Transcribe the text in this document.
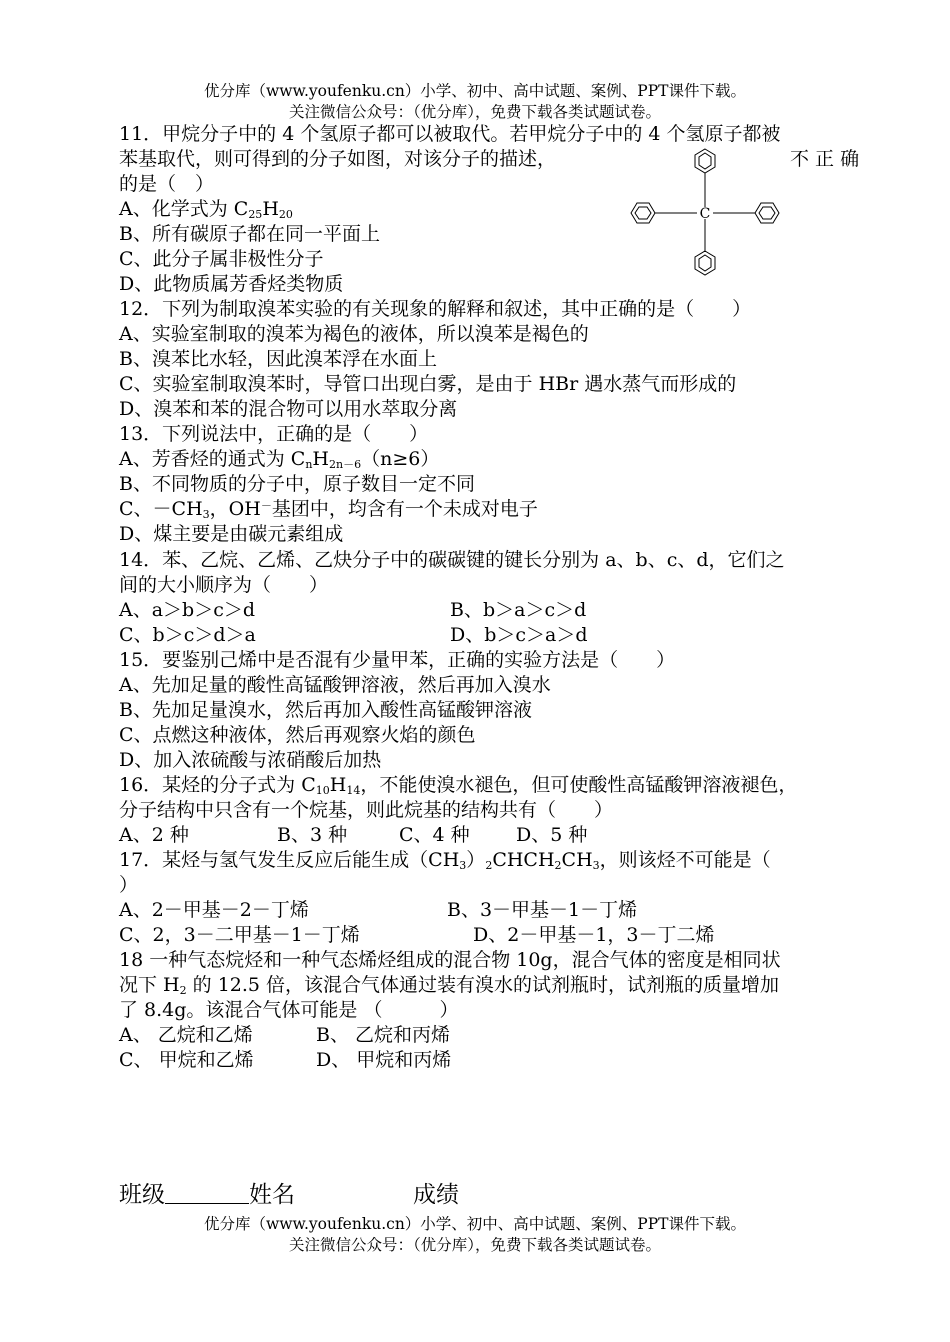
优分库（www.youfenku.cn）小学、初中、高中试题、案例、PPT课件下载。
关注微信公众号：（优分库），免费下载各类试题试卷。
11．甲烷分子中的 4 个氢原子都可以被取代。若甲烷分子中的 4 个氢原子都被
苯基取代，则可得到的分子如图，对该分子的描述，	不 正 确
的是（　）
A、化学式为 $C_{25}H_{20}$
B、所有碳原子都在同一平面上
C、此分子属非极性分子
D、此物质属芳香烃类物质
C
12．下列为制取溴苯实验的有关现象的解释和叙述，其中正确的是（　　）
A、实验室制取的溴苯为褐色的液体，所以溴苯是褐色的
B、溴苯比水轻，因此溴苯浮在水面上
C、实验室制取溴苯时，导管口出现白雾，是由于 HBr 遇水蒸气而形成的
D、溴苯和苯的混合物可以用水萃取分离
13．下列说法中，正确的是（　　）
A、芳香烃的通式为 $C_nH_{2n-6}(n\ge 6)$
B、不同物质的分子中，原子数目一定不同
C、$-CH_3$，OH－基团中，均含有一个未成对电子
D、煤主要是由碳元素组成
14．苯、乙烷、乙烯、乙炔分子中的碳碳键的键长分别为 a、b、c、d，它们之
间的大小顺序为（　　）
A、a＞b＞c＞d	B、b＞a＞c＞d
C、b＞c＞d＞a	D、b＞c＞a＞d
15．要鉴别己烯中是否混有少量甲苯，正确的实验方法是（　　）
A、先加足量的酸性高锰酸钾溶液，然后再加入溴水
B、先加足量溴水，然后再加入酸性高锰酸钾溶液
C、点燃这种液体，然后再观察火焰的颜色
D、加入浓硫酸与浓硝酸后加热
16．某烃的分子式为 $C_{10}H_{14}$，不能使溴水褪色，但可使酸性高锰酸钾溶液褪色，
分子结构中只含有一个烷基，则此烷基的结构共有（　　）
A、2 种	B、3 种	C、4 种 D、5 种
17．某烃与氢气发生反应后能生成$(CH_3)_2CHCH_2CH_3$，则该烃不可能是（
）
A、2－甲基－2－丁烯	B、3－甲基－1－丁烯
C、2，3－二甲基－1－丁烯	D、2－甲基－1，3－丁二烯
18 一种气态烷烃和一种气态烯烃组成的混合物 10g，混合气体的密度是相同状
况下 $H_2$ 的 12.5 倍，该混合气体通过装有溴水的试剂瓶时，试剂瓶的质量增加
了 8.4g。该混合气体可能是 （　　　）
A、 乙烷和乙烯	B、 乙烷和丙烯
C、 甲烷和乙烯	D、 甲烷和丙烯
班级	姓名	成绩
优分库（www.youfenku.cn）小学、初中、高中试题、案例、PPT课件下载。
关注微信公众号：（优分库），免费下载各类试题试卷。
